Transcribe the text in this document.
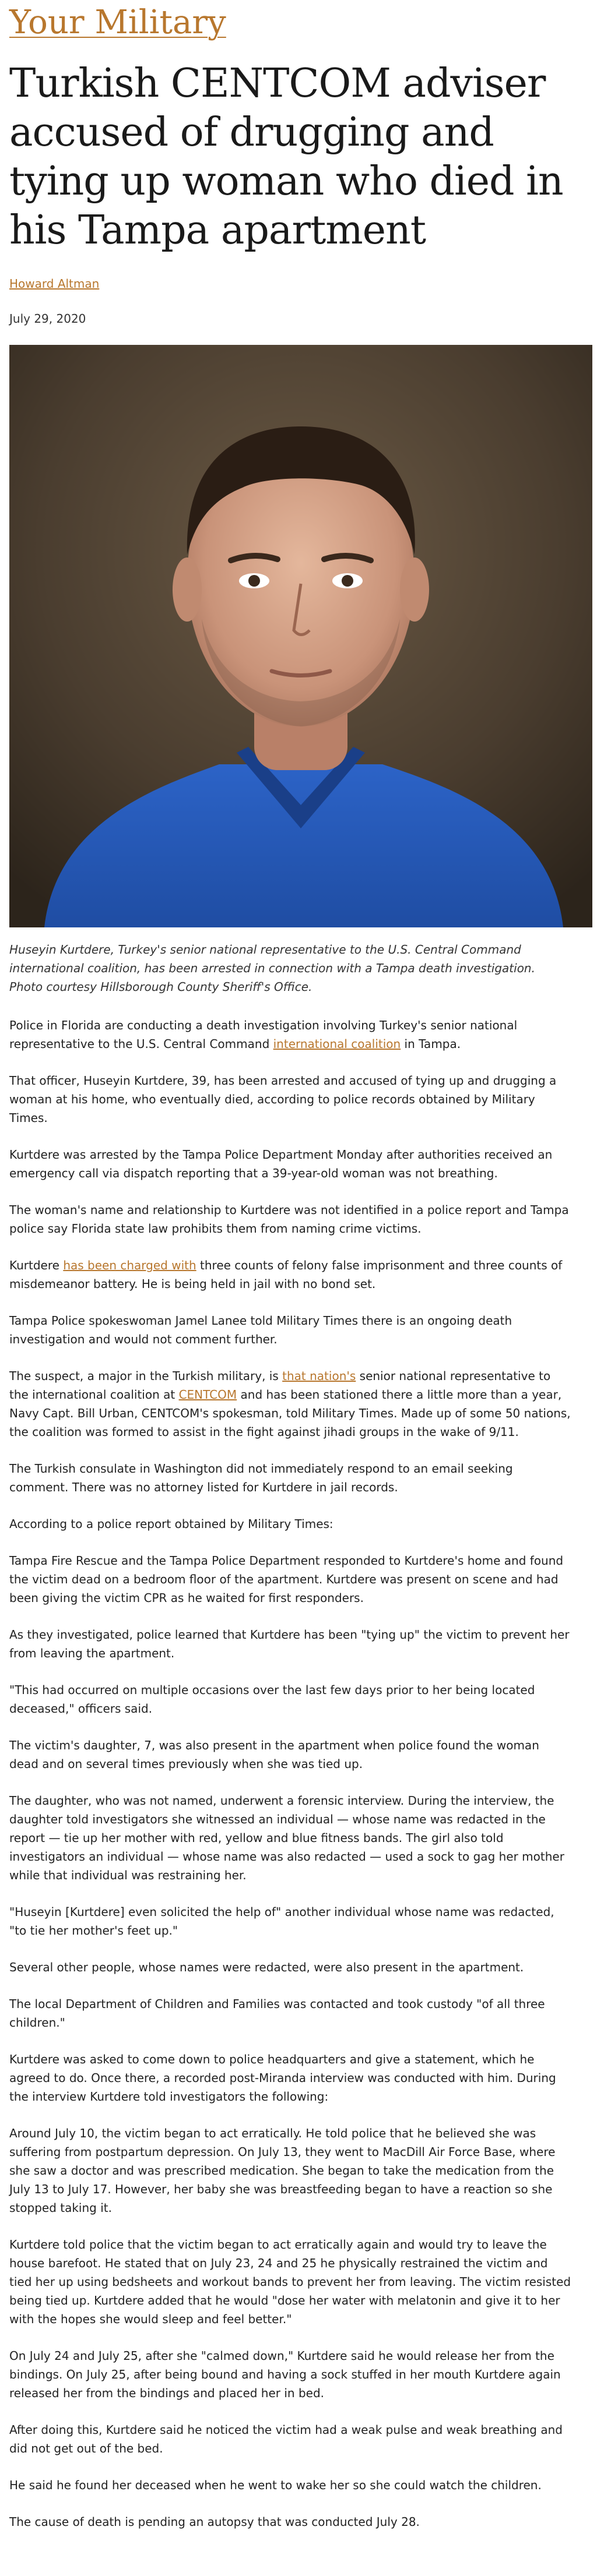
Your Military
Turkish CENTCOM adviser accused of drugging and tying up woman who died in his Tampa apartment
Howard Altman
July 29, 2020
Huseyin Kurtdere, Turkey's senior national representative to the U.S. Central Command international coalition, has been arrested in connection with a Tampa death investigation. Photo courtesy Hillsborough County Sheriff's Office.

Police in Florida are conducting a death investigation involving Turkey's senior national representative to the U.S. Central Command international coalition in Tampa.

That officer, Huseyin Kurtdere, 39, has been arrested and accused of tying up and drugging a woman at his home, who eventually died, according to police records obtained by Military Times.

Kurtdere was arrested by the Tampa Police Department Monday after authorities received an emergency call via dispatch reporting that a 39-year-old woman was not breathing.

The woman's name and relationship to Kurtdere was not identified in a police report and Tampa police say Florida state law prohibits them from naming crime victims.

Kurtdere has been charged with three counts of felony false imprisonment and three counts of misdemeanor battery. He is being held in jail with no bond set.

Tampa Police spokeswoman Jamel Lanee told Military Times there is an ongoing death investigation and would not comment further.

The suspect, a major in the Turkish military, is that nation's senior national representative to the international coalition at CENTCOM and has been stationed there a little more than a year, Navy Capt. Bill Urban, CENTCOM's spokesman, told Military Times. Made up of some 50 nations, the coalition was formed to assist in the fight against jihadi groups in the wake of 9/11.

The Turkish consulate in Washington did not immediately respond to an email seeking comment. There was no attorney listed for Kurtdere in jail records.

According to a police report obtained by Military Times:

Tampa Fire Rescue and the Tampa Police Department responded to Kurtdere's home and found the victim dead on a bedroom floor of the apartment. Kurtdere was present on scene and had been giving the victim CPR as he waited for first responders.

As they investigated, police learned that Kurtdere has been "tying up" the victim to prevent her from leaving the apartment.

"This had occurred on multiple occasions over the last few days prior to her being located deceased," officers said.

The victim's daughter, 7, was also present in the apartment when police found the woman dead and on several times previously when she was tied up.

The daughter, who was not named, underwent a forensic interview. During the interview, the daughter told investigators she witnessed an individual — whose name was redacted in the report — tie up her mother with red, yellow and blue fitness bands. The girl also told investigators an individual — whose name was also redacted — used a sock to gag her mother while that individual was restraining her.

"Huseyin [Kurtdere] even solicited the help of" another individual whose name was redacted, "to tie her mother's feet up."

Several other people, whose names were redacted, were also present in the apartment.

The local Department of Children and Families was contacted and took custody "of all three children."

Kurtdere was asked to come down to police headquarters and give a statement, which he agreed to do. Once there, a recorded post-Miranda interview was conducted with him. During the interview Kurtdere told investigators the following:

Around July 10, the victim began to act erratically. He told police that he believed she was suffering from postpartum depression. On July 13, they went to MacDill Air Force Base, where she saw a doctor and was prescribed medication. She began to take the medication from the July 13 to July 17. However, her baby she was breastfeeding began to have a reaction so she stopped taking it.

Kurtdere told police that the victim began to act erratically again and would try to leave the house barefoot. He stated that on July 23, 24 and 25 he physically restrained the victim and tied her up using bedsheets and workout bands to prevent her from leaving. The victim resisted being tied up. Kurtdere added that he would "dose her water with melatonin and give it to her with the hopes she would sleep and feel better."

On July 24 and July 25, after she "calmed down," Kurtdere said he would release her from the bindings. On July 25, after being bound and having a sock stuffed in her mouth Kurtdere again released her from the bindings and placed her in bed.

After doing this, Kurtdere said he noticed the victim had a weak pulse and weak breathing and did not get out of the bed.

He said he found her deceased when he went to wake her so she could watch the children.

The cause of death is pending an autopsy that was conducted July 28.
